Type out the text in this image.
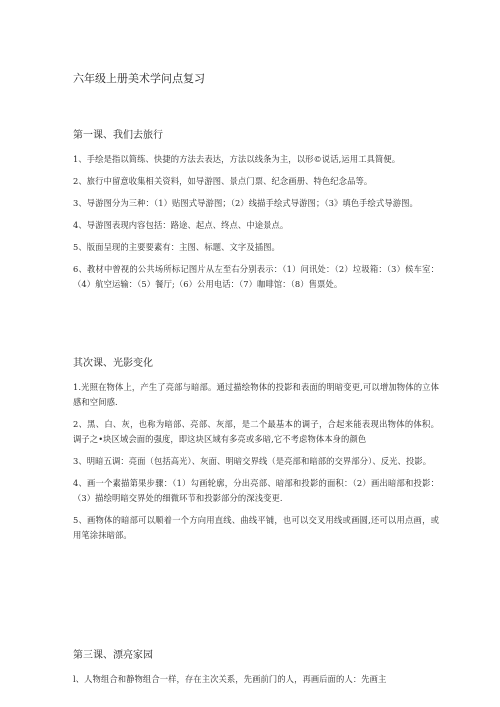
六年级上册美术学问点复习
第一课、我们去旅行

1、手绘是指以简练、快捷的方法去表达，方法以线条为主，以形©说话,运用工具简便。

2、旅行中留意收集相关资料，如导游图、景点门票、纪念画册、特色纪念品等。

3、导游图分为三种：（1）贴图式导游图；（2）线描手绘式导游图；（3》填色手绘式导游图。

4、导游图表现内容包括：路途、起点、终点、中途景点。

5、版面呈现的主要要素有：主图、标题、文字及插图。

6、教材中曾视的公共场所标记图片从左至右分别表示：（1）问讯处：（2）垃圾箱：（3）候车室：（4）航空运输：（5）餐厅;（6）公用电话：（7）咖啡馆：（8）售票处。

其次课、光影变化

1.光照在物体上，产生了亮部与暗部。通过描绘物体的投影和表面的明暗变更,可以增加物体的立体感和空间感.

2、黑、白、灰，也称为暗部、亮部、灰部，是二个最基本的调子，合起来能表现出物体的体积。调子之•块区域会面的强度，即这块区域有多亮或多暗,它不考虑物体本身的颜色

3、明暗五调：亮面（包括高光）、灰面、明暗交界线（是亮部和暗部的交界部分）、反光、投影。

4、画一个素描第果步骤：（1）勾画轮廓，分出亮部、暗部和投影的面积：（2）画出暗部和投影：（3）描绘明暗交界处的细微环节和投影部分的深浅变更.

5、画物体的暗部可以顺着一个方向用直线、曲线平铺，也可以交叉用线或画圆,还可以用点画，或用笔涂抹暗部。

第三课、漂亮家园

l、人物组合和静物组合一样，存在主次关系，先画前门的人，再画后面的人：先画主
